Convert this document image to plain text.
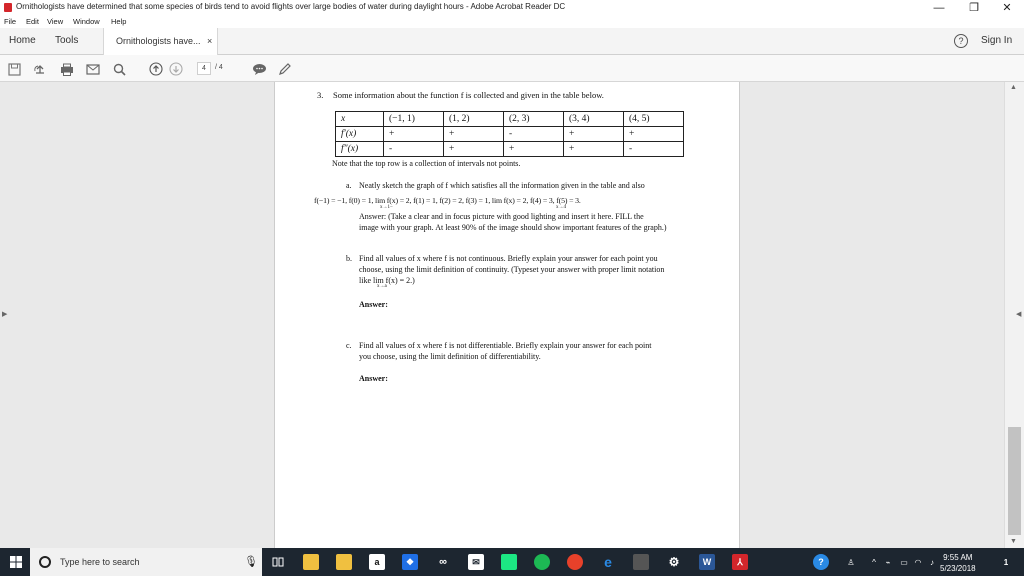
Ornithologists have determined that some species of birds tend to avoid flights over large bodies of water during daylight hours - Adobe Acrobat Reader DC	—	❐	✕
File Edit View Window Help
Home Tools	Ornithologists have... ×	?	Sign In
4	/ 4
▶	◀
3. Some information about the function f is collected and given in the table below.
x	(−1, 1)	(1, 2)	(2, 3)	(3, 4)	(4, 5)
f′(x)	+	+	-	+	+
f″(x)	-	+	+	+	-
Note that the top row is a collection of intervals not points.
a. Neatly sketch the graph of f which satisfies all the information given in the table and also
f(−1) = −1, f(0) = 1, lim f(x) = 2, f(1) = 1, f(2) = 2, f(3) = 1, lim f(x) = 2, f(4) = 3, f(5) = 3.
x→1−	x→4
Answer: (Take a clear and in focus picture with good lighting and insert it here. FILL the
image with your graph. At least 90% of the image should show important features of the graph.)
b. Find all values of x where f is not continuous. Briefly explain your answer for each point you
choose, using the limit definition of continuity. (Typeset your answer with proper limit notation
like lim f(x) = 2.)
x→a
Answer:
c. Find all values of x where f is not differentiable. Briefly explain your answer for each point
you choose, using the limit definition of differentiability.
Answer:
▲
▼
Type here to search	🎙	a	❖	∞	✉	e	⚙	W	⅄	?	♙	^	⌁	▭ ◠	♪	9:55 AM
5/23/2018
1
